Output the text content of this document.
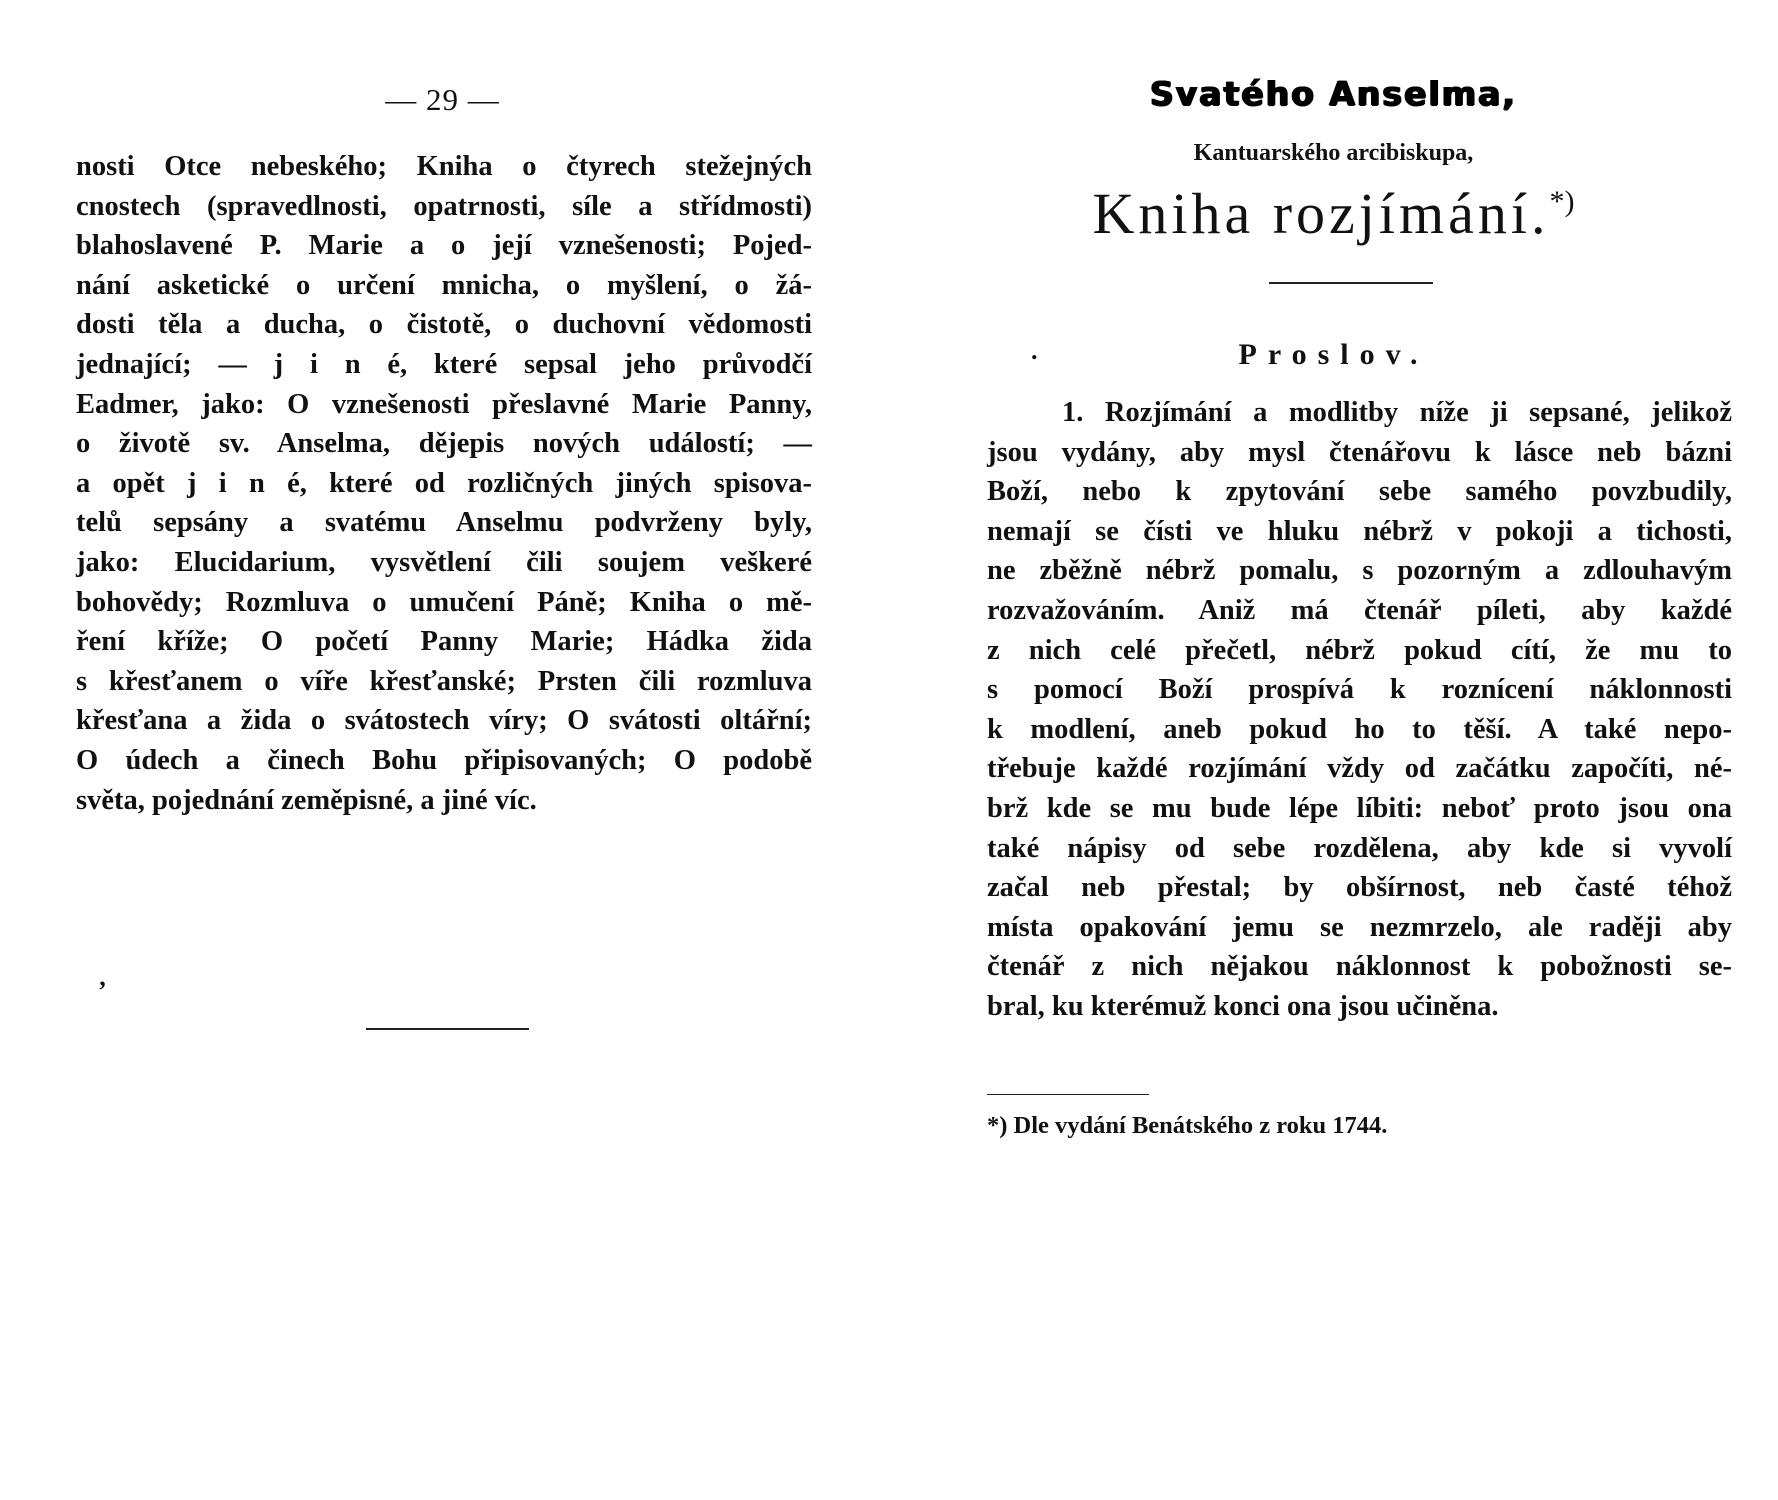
— 29 —
nosti Otce nebeského; Kniha o čtyrech stežejných
cnostech (spravedlnosti, opatrnosti, síle a střídmosti)
blahoslavené P. Marie a o její vznešenosti; Pojed-
nání asketické o určení mnicha, o myšlení, o žá-
dosti těla a ducha, o čistotě, o duchovní vědomosti
jednající; — j i n é, které sepsal jeho průvodčí
Eadmer, jako: O vznešenosti přeslavné Marie Panny,
o životě sv. Anselma, dějepis nových událostí; —
a opět j i n é, které od rozličných jiných spisova-
telů sepsány a svatému Anselmu podvrženy byly,
jako: Elucidarium, vysvětlení čili soujem veškeré
bohovědy; Rozmluva o umučení Páně; Kniha o mě-
ření kříže; O početí Panny Marie; Hádka žida
s křesťanem o víře křesťanské; Prsten čili rozmluva
křesťana a žida o svátostech víry; O svátosti oltářní;
O údech a činech Bohu připisovaných; O podobě
světa, pojednání zeměpisné, a jiné víc.
ʼ
Svatého Anselma,
Kantuarského arcibiskupa,
Kniha rozjímání.*)
Proslov.
.
1. Rozjímání a modlitby níže ji sepsané, jelikož
jsou vydány, aby mysl čtenářovu k lásce neb bázni
Boží, nebo k zpytování sebe samého povzbudily,
nemají se čísti ve hluku nébrž v pokoji a tichosti,
ne zběžně nébrž pomalu, s pozorným a zdlouhavým
rozvažováním. Aniž má čtenář píleti, aby každé
z nich celé přečetl, nébrž pokud cítí, že mu to
s pomocí Boží prospívá k roznícení náklonnosti
k modlení, aneb pokud ho to těší. A také nepo-
třebuje každé rozjímání vždy od začátku započíti, né-
brž kde se mu bude lépe líbiti: neboť proto jsou ona
také nápisy od sebe rozdělena, aby kde si vyvolí
začal neb přestal; by obšírnost, neb časté téhož
místa opakování jemu se nezmrzelo, ale raději aby
čtenář z nich nějakou náklonnost k pobožnosti se-
bral, ku kterémuž konci ona jsou učiněna.
*) Dle vydání Benátského z roku 1744.
